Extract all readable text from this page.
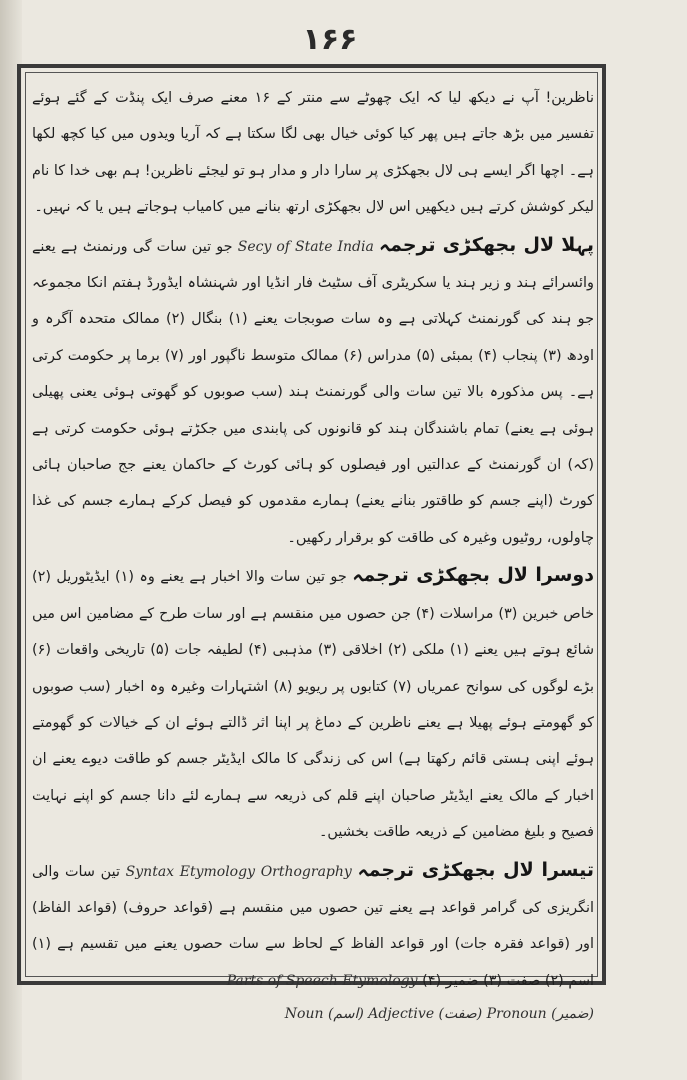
۱۶۶

ناظرین! آپ نے دیکھ لیا کہ ایک چھوٹے سے منتر کے ۱۶ معنے صرف ایک پنڈت کے گئے ہوئے تفسیر میں بڑھ جاتے ہیں پھر کیا کوئی خیال بھی لگا سکتا ہے کہ آریا ویدوں میں کیا کچھ لکھا ہے۔ اچھا اگر ایسے ہی لال بجھکڑی پر سارا دار و مدار ہو تو لیجئے ناظرین! ہم بھی خدا کا نام لیکر کوشش کرتے ہیں دیکھیں اس لال بجھکڑی ارتھ بنانے میں کامیاب ہوجاتے ہیں یا کہ نہیں۔

پہلا لال بجھکڑی ترجمہ Secy of State India جو تین سات گی ورنمنٹ ہے یعنے وائسرائے ہند و زیر ہند یا سکریٹری آف سٹیٹ فار انڈیا اور شہنشاہ ایڈورڈ ہفتم انکا مجموعہ جو ہند کی گورنمنٹ کہلاتی ہے وہ سات صوبجات یعنے (۱) بنگال (۲) ممالک متحدہ آگرہ و اودھ (۳) پنجاب (۴) بمبئی (۵) مدراس (۶) ممالک متوسط ناگپور اور (۷) برما پر حکومت کرتی ہے۔ پس مذکورہ بالا تین سات والی گورنمنٹ ہند (سب صوبوں کو گھوتی ہوئی یعنی پھیلی ہوئی ہے یعنے) تمام باشندگان ہند کو قانونوں کی پابندی میں جکڑتے ہوئی حکومت کرتی ہے (کہ) ان گورنمنٹ کے عدالتیں اور فیصلوں کو ہائی کورٹ کے حاکمان یعنے جج صاحبان ہائی کورٹ (اپنے جسم کو طاقتور بنانے یعنے) ہمارے مقدموں کو فیصل کرکے ہمارے جسم کی غذا چاولوں، روٹیوں وغیرہ کی طاقت کو برقرار رکھیں۔

دوسرا لال بجھکڑی ترجمہ جو تین سات والا اخبار ہے یعنے وہ (۱) ایڈیٹوریل (۲) خاص خبرین (۳) مراسلات (۴) جن حصوں میں منقسم ہے اور سات طرح کے مضامین اس میں شائع ہوتے ہیں یعنے (۱) ملکی (۲) اخلاقی (۳) مذہبی (۴) لطیفہ جات (۵) تاریخی واقعات (۶) بڑے لوگوں کی سوانح عمریاں (۷) کتابوں پر ریویو (۸) اشتہارات وغیرہ وہ اخبار (سب صوبوں کو گھومتے ہوئے پھیلا ہے یعنے ناظرین کے دماغ پر اپنا اثر ڈالتے ہوئے ان کے خیالات کو گھومتے ہوئے اپنی ہستی قائم رکھتا ہے) اس کی زندگی کا مالک ایڈیٹر جسم کو طاقت دیوے یعنے ان اخبار کے مالک یعنے ایڈیٹر صاحبان اپنے قلم کی ذریعہ سے ہمارے لئے دانا جسم کو اپنے نہایت فصیح و بلیغ مضامین کے ذریعہ طاقت بخشیں۔

تیسرا لال بجھکڑی ترجمہ Orthography Etymology Syntax تین سات والی انگریزی کی گرامر قواعد ہے یعنے تین حصوں میں منقسم ہے (قواعد حروف) (قواعد الفاظ) اور (قواعد فقرہ جات) اور قواعد الفاظ کے لحاظ سے سات حصوں یعنے میں تقسیم ہے (۱) اسم (۲) صفت (۳) ضمیر (۴) Etymology Parts of Speech

Noun (اسم) Adjective (صفت) Pronoun (ضمیر)
